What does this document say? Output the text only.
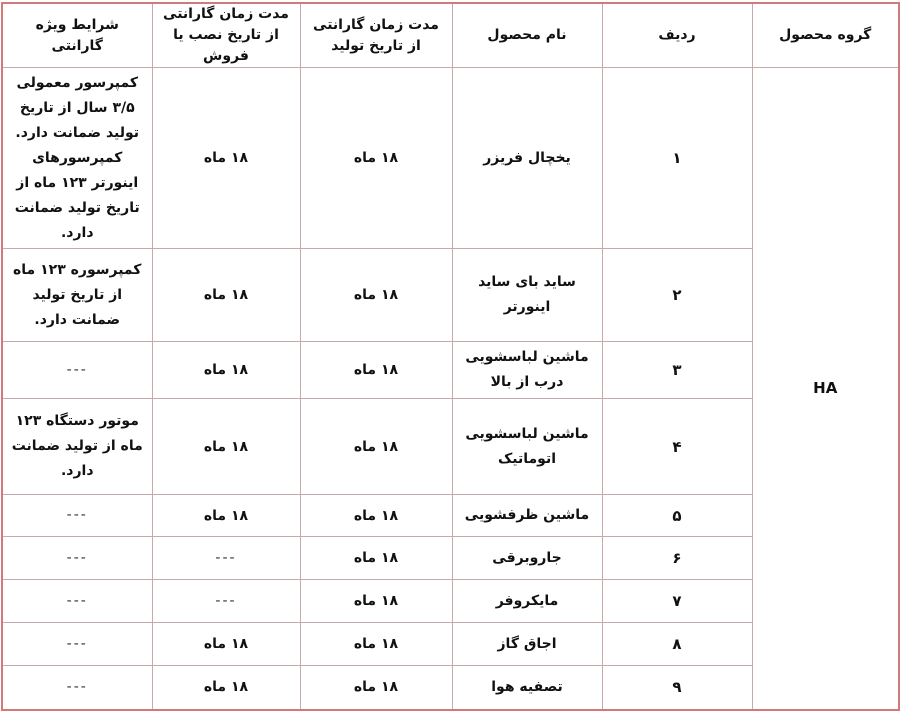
شرایط ویژه گارانتی	مدت زمان گارانتی از تاریخ نصب یا فروش	مدت زمان گارانتی از تاریخ تولید	نام محصول	ردیف	گروه محصول
کمپرسور معمولی ۳/۵ سال از تاریخ تولید ضمانت دارد. کمپرسورهای اینورتر ۱۲۳ ماه از تاریخ تولید ضمانت دارد.	۱۸ ماه	۱۸ ماه	یخچال فریزر	۱	HA
کمپرسوره ۱۲۳ ماه از تاریخ تولید ضمانت دارد.	۱۸ ماه	۱۸ ماه	ساید بای ساید اینورتر	۲	
---	۱۸ ماه	۱۸ ماه	ماشین لباسشویی درب از بالا	۳	
موتور دستگاه ۱۲۳ ماه از تولید ضمانت دارد.	۱۸ ماه	۱۸ ماه	ماشین لباسشویی اتوماتیک	۴	
---	۱۸ ماه	۱۸ ماه	ماشین ظرفشویی	۵	
---	---	۱۸ ماه	جاروبرقی	۶	
---	---	۱۸ ماه	مایکروفر	۷	
---	۱۸ ماه	۱۸ ماه	اجاق گاز	۸	
---	۱۸ ماه	۱۸ ماه	تصفیه هوا	۹	
